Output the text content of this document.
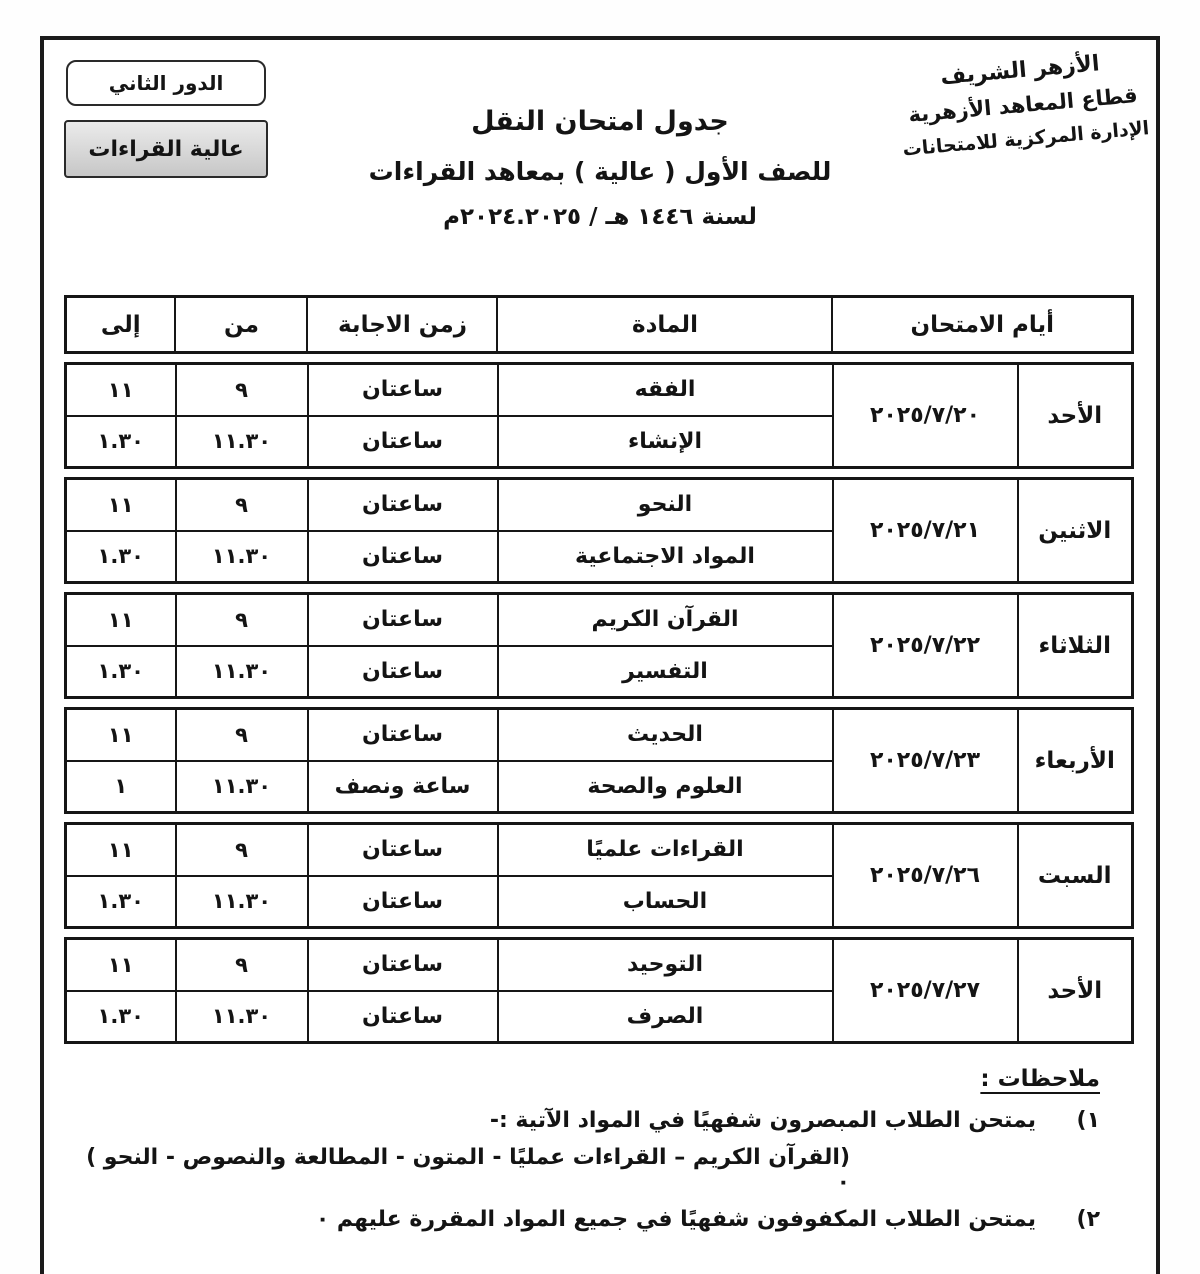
الدور الثاني
عالية القراءات
الأزهر الشريف
قطاع المعاهد الأزهرية
الإدارة المركزية للامتحانات
جدول امتحان النقل
للصف الأول ( عالية ) بمعاهد القراءات
لسنة ١٤٤٦ هـ / ٢٠٢٤.٢٠٢٥م
أيام الامتحان	المادة	زمن الاجابة	من	إلى
الأحد	٢٠٢٥/٧/٢٠	الفقه	ساعتان	٩	١١
		الإنشاء	ساعتان	١١.٣٠	١.٣٠
الاثنين	٢٠٢٥/٧/٢١	النحو	ساعتان	٩	١١
		المواد الاجتماعية	ساعتان	١١.٣٠	١.٣٠
الثلاثاء	٢٠٢٥/٧/٢٢	القرآن الكريم	ساعتان	٩	١١
		التفسير	ساعتان	١١.٣٠	١.٣٠
الأربعاء	٢٠٢٥/٧/٢٣	الحديث	ساعتان	٩	١١
		العلوم والصحة	ساعة ونصف	١١.٣٠	١
السبت	٢٠٢٥/٧/٢٦	القراءات علميًا	ساعتان	٩	١١
		الحساب	ساعتان	١١.٣٠	١.٣٠
الأحد	٢٠٢٥/٧/٢٧	التوحيد	ساعتان	٩	١١
		الصرف	ساعتان	١١.٣٠	١.٣٠
ملاحظات :
١)
يمتحن الطلاب المبصرون شفهيًا في المواد الآتية :-
(القرآن الكريم – القراءات عمليًا - المتون - المطالعة والنصوص - النحو ) ٠
٢)
يمتحن الطلاب المكفوفون شفهيًا في جميع المواد المقررة عليهم ٠
